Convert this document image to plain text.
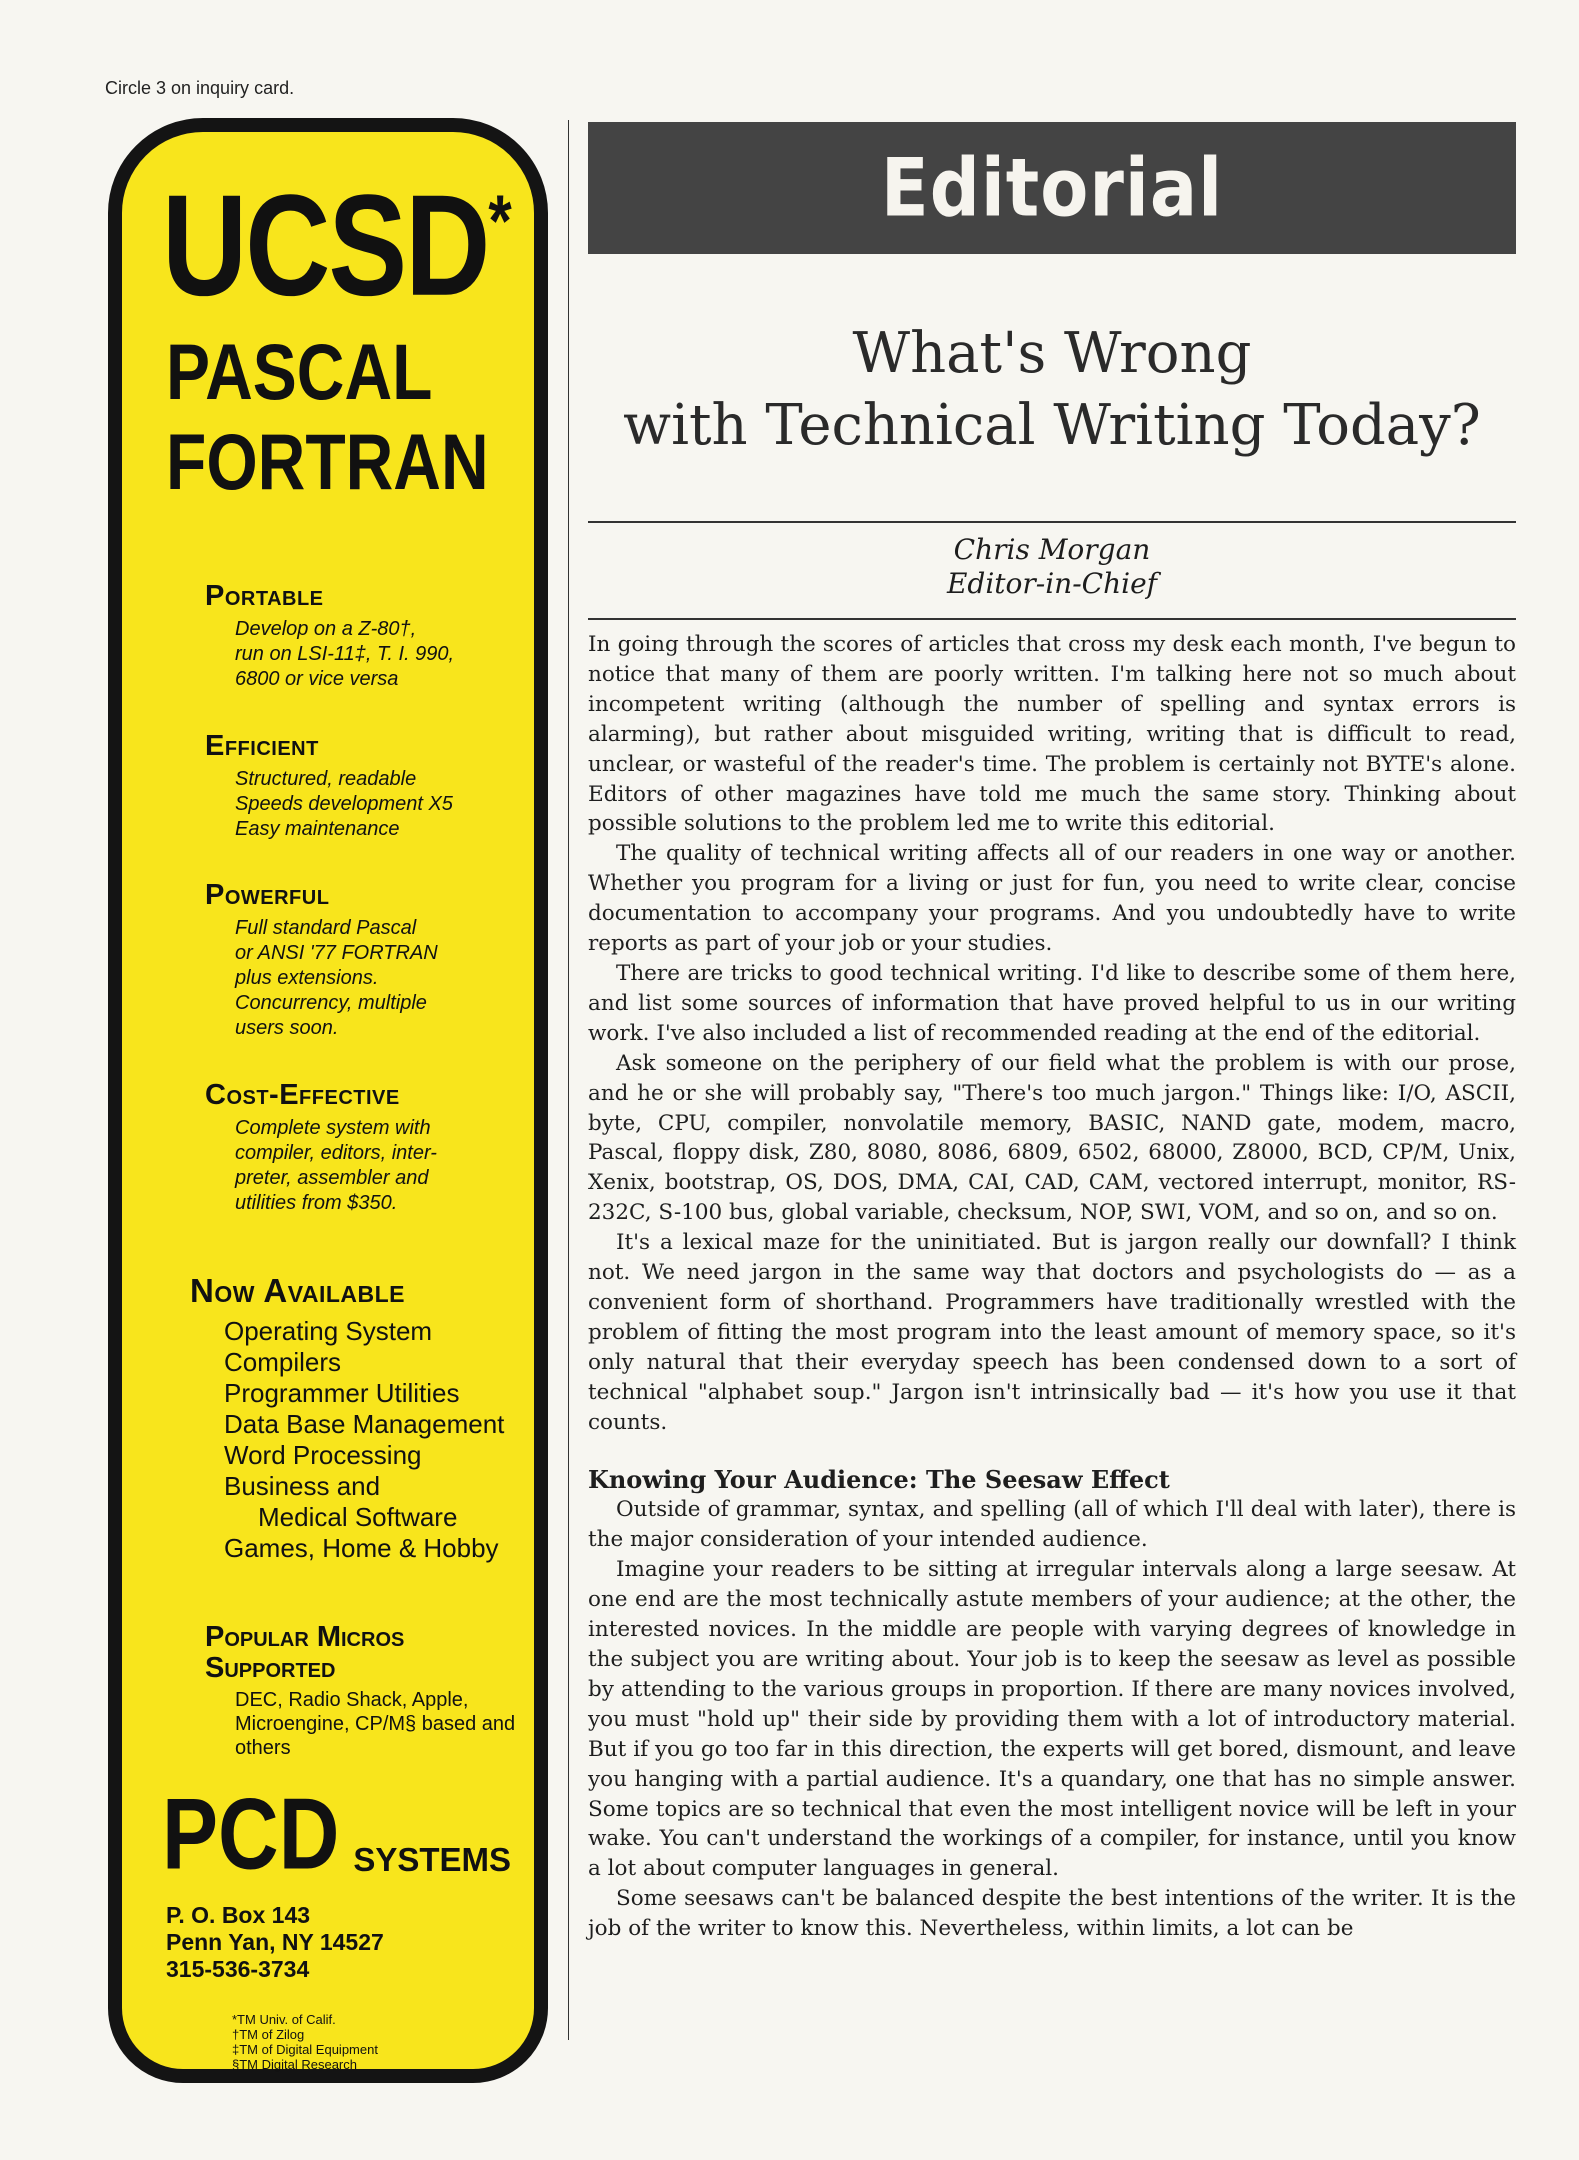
Circle 3 on inquiry card.
UCSD*
PASCAL
FORTRAN
Portable

Develop on a Z-80†,
run on LSI-11‡, T. I. 990,
6800 or vice versa

Efficient

Structured, readable
Speeds development X5
Easy maintenance

Powerful

Full standard Pascal
or ANSI '77 FORTRAN
plus extensions.
Concurrency, multiple
users soon.

Cost-Effective

Complete system with
compiler, editors, inter-
preter, assembler and
utilities from $350.

Now Available
Operating System
Compilers
Programmer Utilities
Data Base Management
Word Processing
Business and
Medical Software
Games, Home & Hobby
Popular Micros Supported

DEC, Radio Shack, Apple, Microengine, CP/M§ based and others

PCD SYSTEMS
P. O. Box 143
Penn Yan, NY 14527
315-536-3734
*TM Univ. of Calif.
†TM of Zilog
‡TM of Digital Equipment
§TM Digital Research
Editorial
What's Wrong
with Technical Writing Today?
Chris Morgan
Editor-in-Chief

In going through the scores of articles that cross my desk each month, I've begun to notice that many of them are poorly written. I'm talking here not so much about incompetent writing (although the number of spelling and syntax errors is alarming), but rather about misguided writing, writing that is difficult to read, unclear, or wasteful of the reader's time. The problem is certainly not BYTE's alone. Editors of other magazines have told me much the same story. Thinking about possible solutions to the problem led me to write this editorial.

The quality of technical writing affects all of our readers in one way or another. Whether you program for a living or just for fun, you need to write clear, concise documentation to accompany your programs. And you undoubtedly have to write reports as part of your job or your studies.

There are tricks to good technical writing. I'd like to describe some of them here, and list some sources of information that have proved helpful to us in our writing work. I've also included a list of recommended reading at the end of the editorial.

Ask someone on the periphery of our field what the problem is with our prose, and he or she will probably say, "There's too much jargon." Things like: I/O, ASCII, byte, CPU, compiler, nonvolatile memory, BASIC, NAND gate, modem, macro, Pascal, floppy disk, Z80, 8080, 8086, 6809, 6502, 68000, Z8000, BCD, CP/M, Unix, Xenix, bootstrap, OS, DOS, DMA, CAI, CAD, CAM, vectored interrupt, monitor, RS-232C, S-100 bus, global variable, checksum, NOP, SWI, VOM, and so on, and so on.

It's a lexical maze for the uninitiated. But is jargon really our downfall? I think not. We need jargon in the same way that doctors and psychologists do — as a convenient form of shorthand. Programmers have traditionally wrestled with the problem of fitting the most program into the least amount of memory space, so it's only natural that their everyday speech has been condensed down to a sort of technical "alphabet soup." Jargon isn't intrinsically bad — it's how you use it that counts.

Knowing Your Audience: The Seesaw Effect

Outside of grammar, syntax, and spelling (all of which I'll deal with later), there is the major consideration of your intended audience.

Imagine your readers to be sitting at irregular intervals along a large seesaw. At one end are the most technically astute members of your audience; at the other, the interested novices. In the middle are people with varying degrees of knowledge in the subject you are writing about. Your job is to keep the seesaw as level as possible by attending to the various groups in proportion. If there are many novices involved, you must "hold up" their side by providing them with a lot of introductory material. But if you go too far in this direction, the experts will get bored, dismount, and leave you hanging with a partial audience. It's a quandary, one that has no simple answer. Some topics are so technical that even the most intelligent novice will be left in your wake. You can't understand the workings of a compiler, for instance, until you know a lot about computer languages in general.

Some seesaws can't be balanced despite the best intentions of the writer. It is the job of the writer to know this. Nevertheless, within limits, a lot can be
